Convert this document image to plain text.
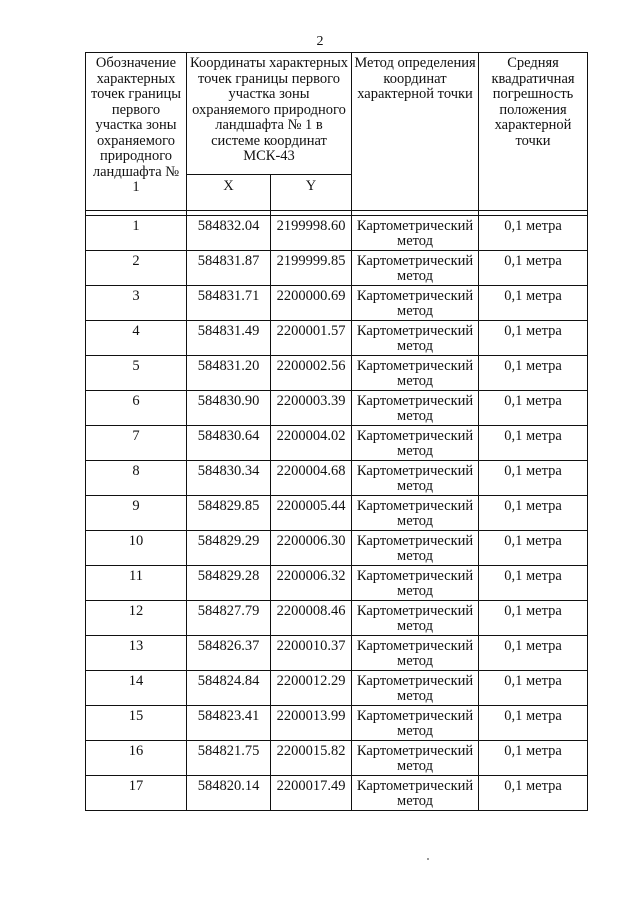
2
Обозначение характерных точек границы первого участка зоны охраняемого природного ландшафта № 1	Координаты характерных точек границы первого участка зоны охраняемого природного ландшафта № 1 в системе координат МСК-43		Метод определения координат характерной точки	Средняя квадратичная погрешность положения характерной точки

	X	Y		

1	584832.04	2199998.60	Картометрический метод	0,1 метра
2	584831.87	2199999.85	Картометрический метод	0,1 метра
3	584831.71	2200000.69	Картометрический метод	0,1 метра
4	584831.49	2200001.57	Картометрический метод	0,1 метра
5	584831.20	2200002.56	Картометрический метод	0,1 метра
6	584830.90	2200003.39	Картометрический метод	0,1 метра
7	584830.64	2200004.02	Картометрический метод	0,1 метра
8	584830.34	2200004.68	Картометрический метод	0,1 метра
9	584829.85	2200005.44	Картометрический метод	0,1 метра
10	584829.29	2200006.30	Картометрический метод	0,1 метра
11	584829.28	2200006.32	Картометрический метод	0,1 метра
12	584827.79	2200008.46	Картометрический метод	0,1 метра
13	584826.37	2200010.37	Картометрический метод	0,1 метра
14	584824.84	2200012.29	Картометрический метод	0,1 метра
15	584823.41	2200013.99	Картометрический метод	0,1 метра
16	584821.75	2200015.82	Картометрический метод	0,1 метра
17	584820.14	2200017.49	Картометрический метод	0,1 метра
